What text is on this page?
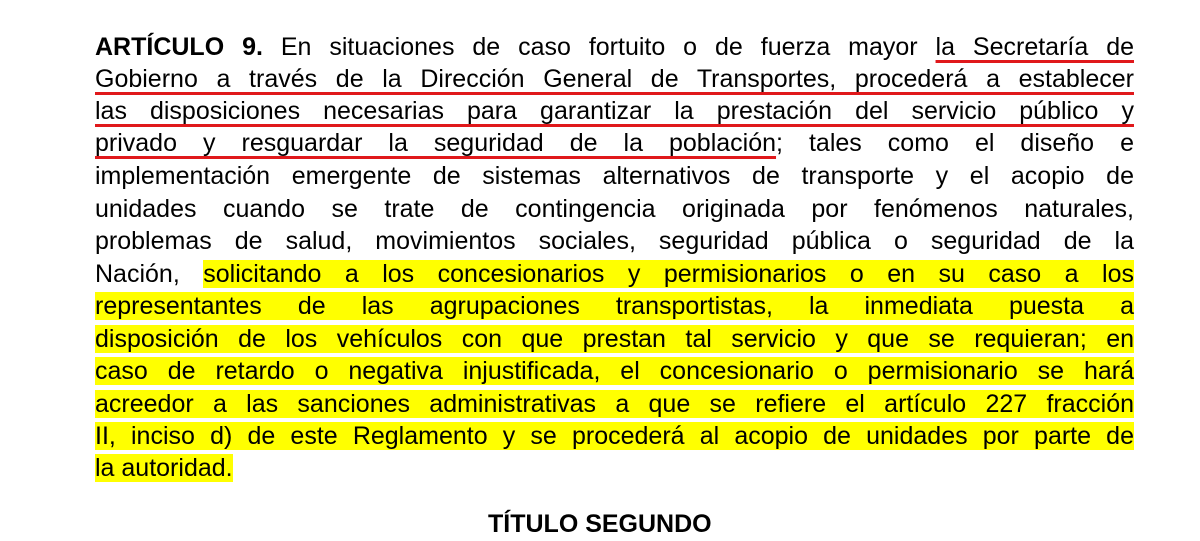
ARTÍCULO 9. En situaciones de caso fortuito o de fuerza mayor la Secretaría de
Gobierno a través de la Dirección General de Transportes, procederá a establecer
las disposiciones necesarias para garantizar la prestación del servicio público y
privado y resguardar la seguridad de la población; tales como el diseño e
implementación emergente de sistemas alternativos de transporte y el acopio de
unidades cuando se trate de contingencia originada por fenómenos naturales,
problemas de salud, movimientos sociales, seguridad pública o seguridad de la
Nación, solicitando a los concesionarios y permisionarios o en su caso a los
representantes de las agrupaciones transportistas, la inmediata puesta a
disposición de los vehículos con que prestan tal servicio y que se requieran; en
caso de retardo o negativa injustificada, el concesionario o permisionario se hará
acreedor a las sanciones administrativas a que se refiere el artículo 227 fracción
II, inciso d) de este Reglamento y se procederá al acopio de unidades por parte de
la autoridad.
TÍTULO SEGUNDO
